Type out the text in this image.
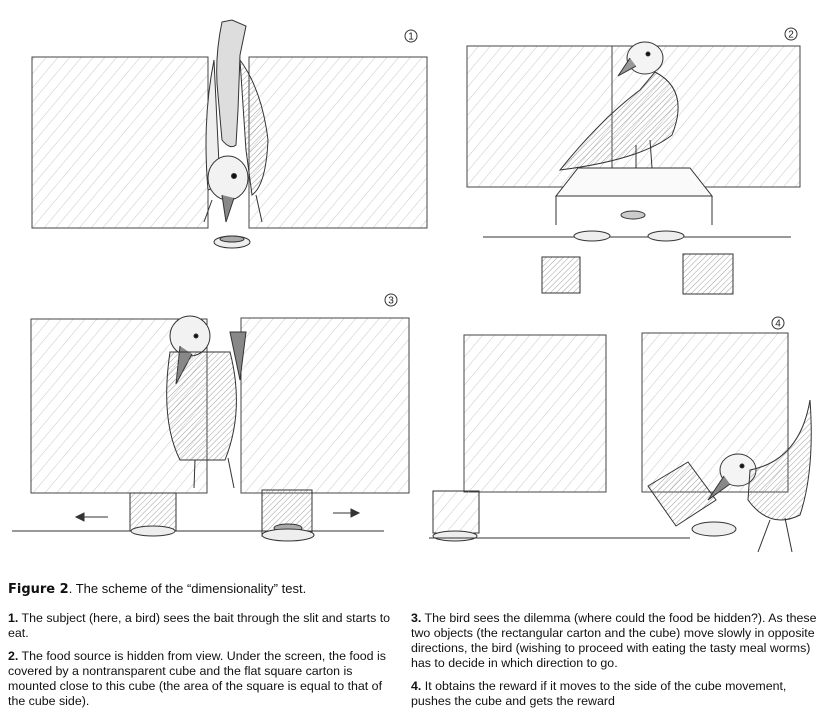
1	2
3
4
Figure 2. The scheme of the “dimensionality” test.

1. The subject (here, a bird) sees the bait through the slit and starts to eat.

2. The food source is hidden from view. Under the screen, the food is covered by a nontransparent cube and the flat square carton is mounted close to this cube (the area of the square is equal to that of the cube side).

3. The bird sees the dilemma (where could the food be hidden?). As these two objects (the rectangular carton and the cube) move slowly in opposite directions, the bird (wishing to proceed with eating the tasty meal worms) has to decide in which direction to go.

4. It obtains the reward if it moves to the side of the cube movement, pushes the cube and gets the reward
